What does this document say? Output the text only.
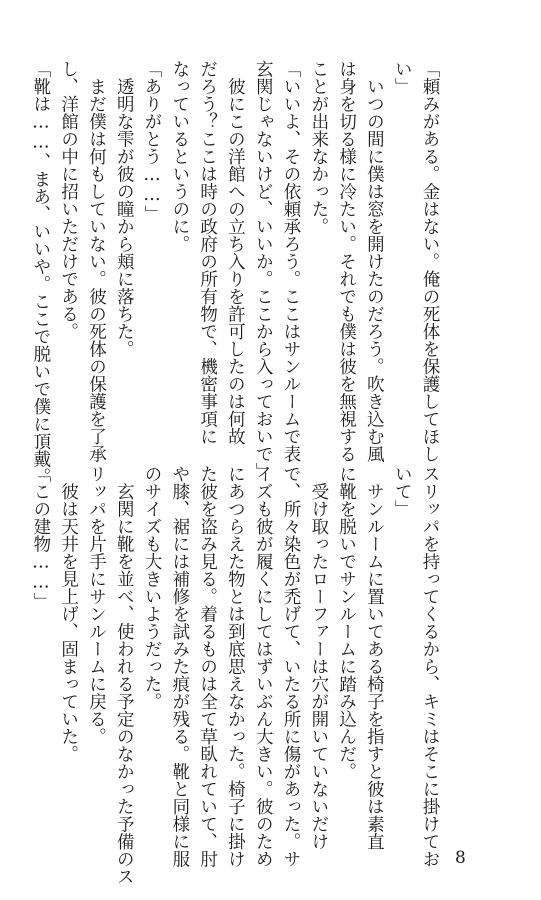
「頼みがある。金はない。俺の死体を保護してほし
い」
　いつの間に僕は窓を開けたのだろう。吹き込む風
は身を切る様に冷たい。それでも僕は彼を無視する
ことが出来なかった。
「いいよ、その依頼承ろう。ここはサンルームで表
玄関じゃないけど、いいか。ここから入っておいで」
　彼にこの洋館への立ち入りを許可したのは何故
だろう？ここは時の政府の所有物で、機密事項に
なっているというのに。
「ありがとう……」
　透明な雫が彼の瞳から頬に落ちた。
　まだ僕は何もしていない。彼の死体の保護を了承
し、洋館の中に招いただけである。
「靴は……、まあ、いいや。ここで脱いで僕に頂戴。
スリッパを持ってくるから、キミはそこに掛けてお
いて」
　サンルームに置いてある椅子を指すと彼は素直
に靴を脱いでサンルームに踏み込んだ。
　受け取ったローファーは穴が開いていないだけ
で、所々染色が禿げて、いたる所に傷があった。サ
イズも彼が履くにしてはずいぶん大きい。彼のため
にあつらえた物とは到底思えなかった。椅子に掛け
た彼を盗み見る。着るものは全て草臥れていて、肘
や膝、裾には補修を試みた痕が残る。靴と同様に服
のサイズも大きいようだった。
　玄関に靴を並べ、使われる予定のなかった予備のス
リッパを片手にサンルームに戻る。
　彼は天井を見上げ、固まっていた。
「この建物……」
8
